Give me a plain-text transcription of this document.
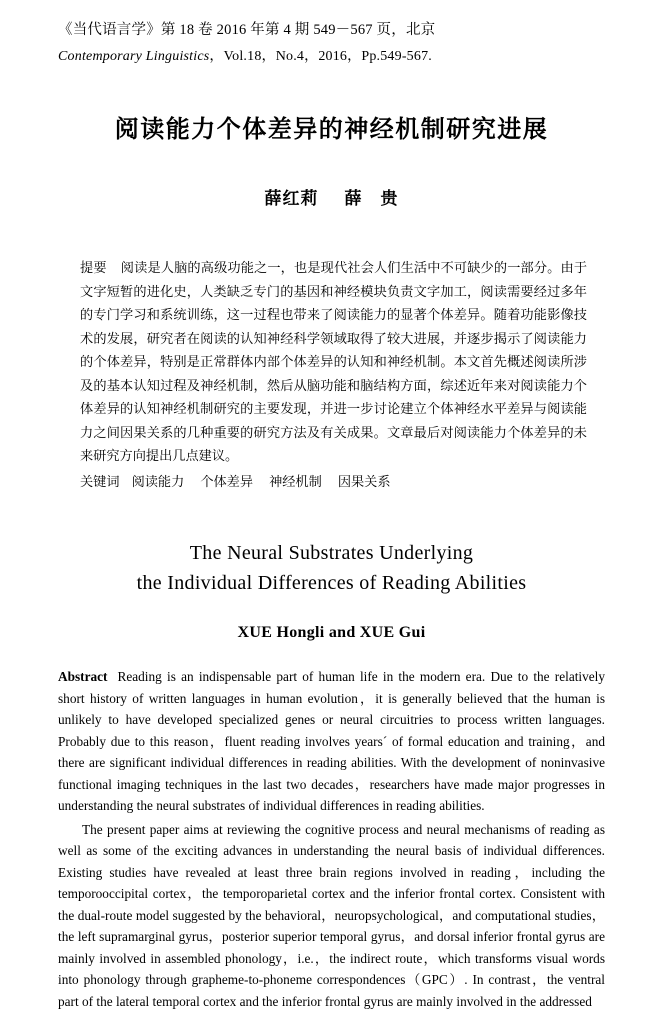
《当代语言学》第 18 卷 2016 年第 4 期 549－567 页，北京
Contemporary Linguistics，Vol.18，No.4，2016，Pp.549-567.
阅读能力个体差异的神经机制研究进展
薛红莉 薛　贵
提要 阅读是人脑的高级功能之一，也是现代社会人们生活中不可缺少的一部分。由于文字短暂的进化史，人类缺乏专门的基因和神经模块负责文字加工，阅读需要经过多年的专门学习和系统训练，这一过程也带来了阅读能力的显著个体差异。随着功能影像技术的发展，研究者在阅读的认知神经科学领域取得了较大进展，并逐步揭示了阅读能力的个体差异，特别是正常群体内部个体差异的认知和神经机制。本文首先概述阅读所涉及的基本认知过程及神经机制，然后从脑功能和脑结构方面，综述近年来对阅读能力个体差异的认知神经机制研究的主要发现，并进一步讨论建立个体神经水平差异与阅读能力之间因果关系的几种重要的研究方法及有关成果。文章最后对阅读能力个体差异的未来研究方向提出几点建议。
关键词 阅读能力 个体差异 神经机制 因果关系
The Neural Substrates Underlying
the Individual Differences of Reading Abilities
XUE Hongli and XUE Gui

Abstract Reading is an indispensable part of human life in the modern era. Due to the relatively short history of written languages in human evolution，it is generally believed that the human is unlikely to have developed specialized genes or neural circuitries to process written languages. Probably due to this reason，fluent reading involves years´ of formal education and training，and there are significant individual differences in reading abilities. With the development of noninvasive functional imaging techniques in the last two decades，researchers have made major progresses in understanding the neural substrates of individual differences in reading abilities.

The present paper aims at reviewing the cognitive process and neural mechanisms of reading as well as some of the exciting advances in understanding the neural basis of individual differences. Existing studies have revealed at least three brain regions involved in reading，including the temporooccipital cortex，the temporoparietal cortex and the inferior frontal cortex. Consistent with the dual-route model suggested by the behavioral，neuropsychological，and computational studies，the left supramarginal gyrus，posterior superior temporal gyrus，and dorsal inferior frontal gyrus are mainly involved in assembled phonology，i.e.，the indirect route，which transforms visual words into phonology through grapheme-to-phoneme correspondences（GPC）. In contrast，the ventral part of the lateral temporal cortex and the inferior frontal gyrus are mainly involved in the addressed
